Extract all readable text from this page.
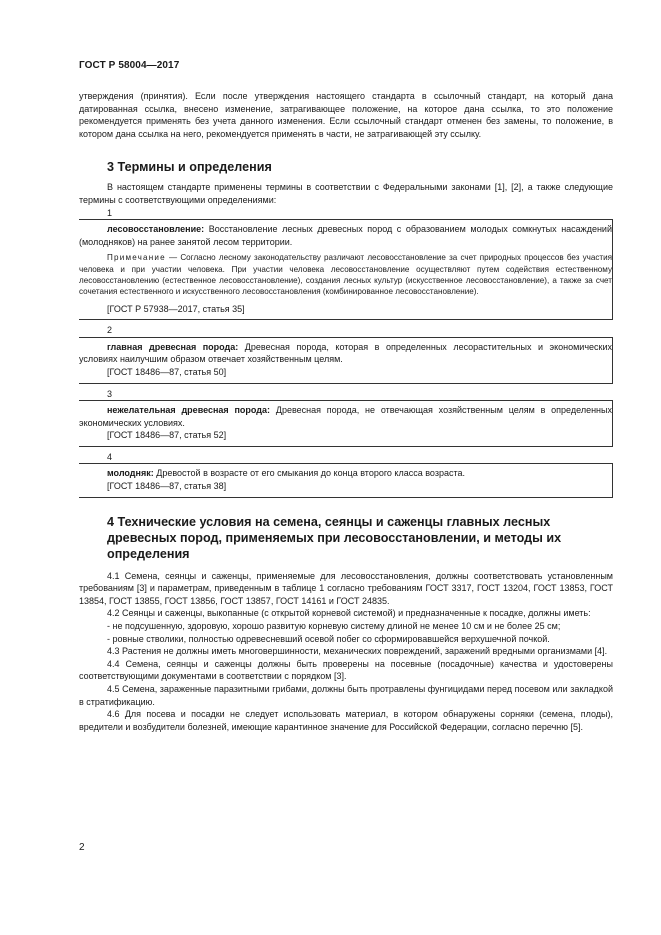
ГОСТ Р 58004—2017

утверждения (принятия). Если после утверждения настоящего стандарта в ссылочный стандарт, на который дана датированная ссылка, внесено изменение, затрагивающее положение, на которое дана ссылка, то это положение рекомендуется применять без учета данного изменения. Если ссылочный стандарт отменен без замены, то положение, в котором дана ссылка на него, рекомендуется применять в части, не затрагивающей эту ссылку.

3 Термины и определения

В настоящем стандарте применены термины в соответствии с Федеральными законами [1], [2], а также следующие термины с соответствующими определениями:

1

лесовосстановление: Восстановление лесных древесных пород с образованием молодых сомкнутых насаждений (молодняков) на ранее занятой лесом территории.

Примечание — Согласно лесному законодательству различают лесовосстановление за счет природных процессов без участия человека и при участии человека. При участии человека лесовосстановление осуществляют путем содействия естественному лесовосстановлению (естественное лесовосстановление), создания лесных культур (искусственное лесовосстановление), а также за счет сочетания естественного и искусственного лесовосстановления (комбинированное лесовосстановление).

[ГОСТ Р 57938—2017, статья 35]
2

главная древесная порода: Древесная порода, которая в определенных лесорастительных и экономических условиях наилучшим образом отвечает хозяйственным целям.

[ГОСТ 18486—87, статья 50]
3

нежелательная древесная порода: Древесная порода, не отвечающая хозяйственным целям в определенных экономических условиях.

[ГОСТ 18486—87, статья 52]
4

молодняк: Древостой в возрасте от его смыкания до конца второго класса возраста.

[ГОСТ 18486—87, статья 38]
4 Технические условия на семена, сеянцы и саженцы главных лесных древесных пород, применяемых при лесовосстановлении, и методы их определения

4.1 Семена, сеянцы и саженцы, применяемые для лесовосстановления, должны соответствовать установленным требованиям [3] и параметрам, приведенным в таблице 1 согласно требованиям ГОСТ 3317, ГОСТ 13204, ГОСТ 13853, ГОСТ 13854, ГОСТ 13855, ГОСТ 13856, ГОСТ 13857, ГОСТ 14161 и ГОСТ 24835.

4.2 Сеянцы и саженцы, выкопанные (с открытой корневой системой) и предназначенные к посадке, должны иметь:

- не подсушенную, здоровую, хорошо развитую корневую систему длиной не менее 10 см и не более 25 см;

- ровные стволики, полностью одревесневший осевой побег со сформировавшейся верхушечной почкой.

4.3 Растения не должны иметь многовершинности, механических повреждений, заражений вредными организмами [4].

4.4 Семена, сеянцы и саженцы должны быть проверены на посевные (посадочные) качества и удостоверены соответствующими документами в соответствии с порядком [3].

4.5 Семена, зараженные паразитными грибами, должны быть протравлены фунгицидами перед посевом или закладкой в стратификацию.

4.6 Для посева и посадки не следует использовать материал, в котором обнаружены сорняки (семена, плоды), вредители и возбудители болезней, имеющие карантинное значение для Российской Федерации, согласно перечню [5].

2
